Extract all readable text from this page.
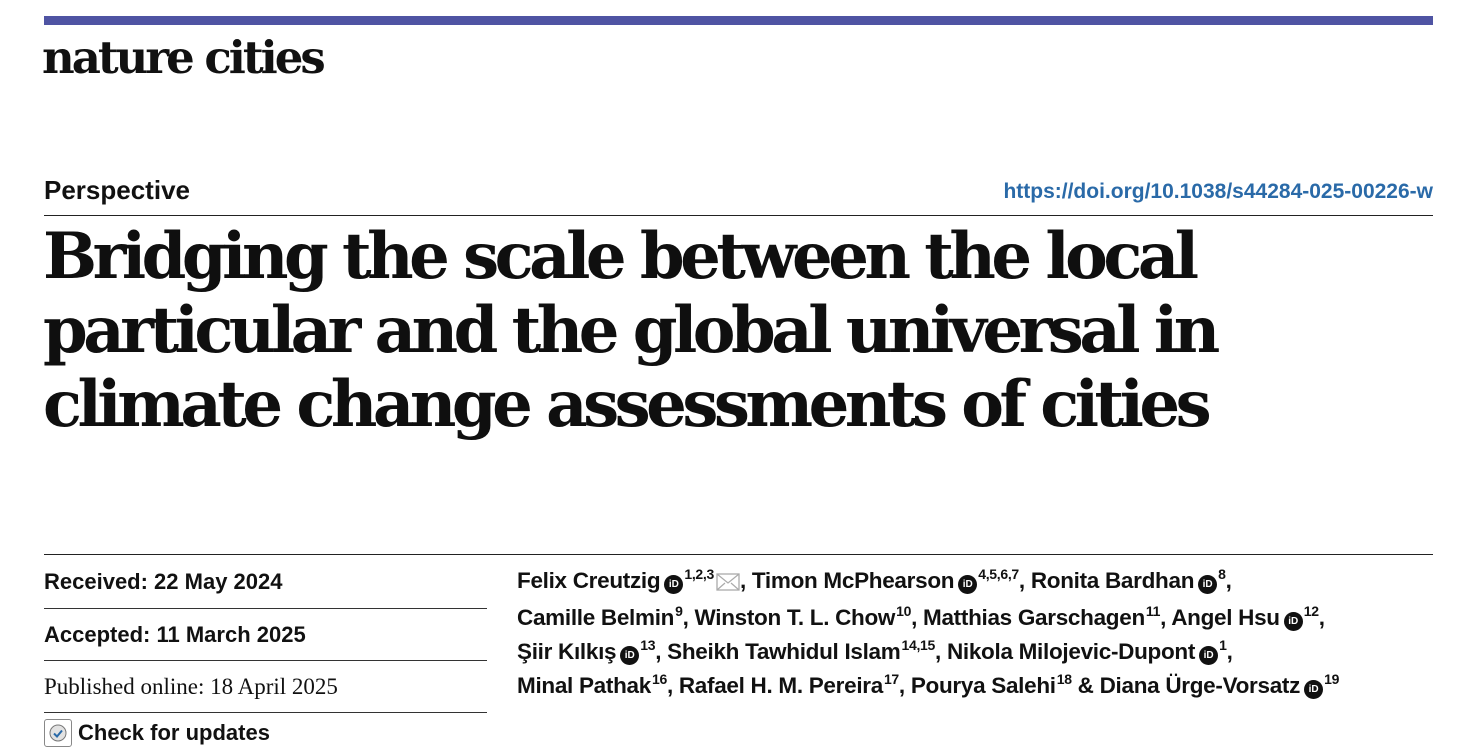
nature cities
Perspective	https://doi.org/10.1038/s44284-025-00226-w
Bridging the scale between the local particular and the global universal in climate change assessments of cities
Received: 22 May 2024
Accepted: 11 March 2025
Published online: 18 April 2025
Check for updates
Felix Creutzig iD$^{1,2,3}$ , Timon McPhearson iD$^{4,5,6,7}$, Ronita Bardhan $iD^8$,
Camille Belmin$^9$, Winston T. L. Chow$^{10}$, Matthias Garschagen$^{11}$, Angel Hsu $iD^{12}$,
Şiir Kılkış $iD^{13}$, Sheikh Tawhidul Islam$^{14,15}$, Nikola Milojevic-Dupont $iD^1$,
Minal Pathak$^{16}$, Rafael H. M. Pereira$^{17}$, Pourya Salehi$^{18}$ & Diana Ürge-Vorsatz $iD^{19}$
